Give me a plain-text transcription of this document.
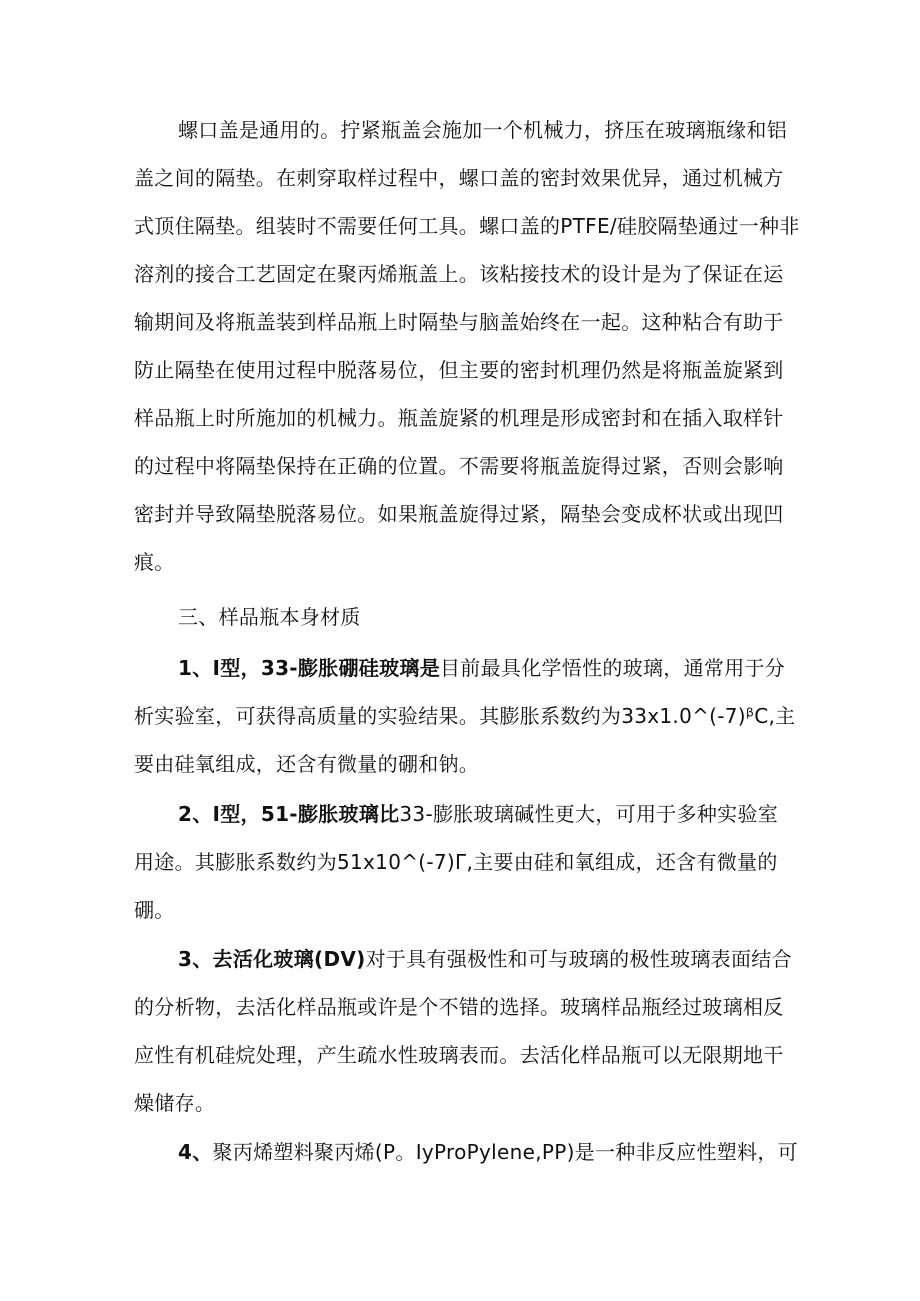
螺口盖是通用的。拧紧瓶盖会施加一个机械力，挤压在玻璃瓶缘和铝
盖之间的隔垫。在刺穿取样过程中，螺口盖的密封效果优异，通过机械方
式顶住隔垫。组装时不需要任何工具。螺口盖的PTFE/硅胶隔垫通过一种非
溶剂的接合工艺固定在聚丙烯瓶盖上。该粘接技术的设计是为了保证在运
输期间及将瓶盖装到样品瓶上时隔垫与脑盖始终在一起。这种粘合有助于
防止隔垫在使用过程中脱落易位，但主要的密封机理仍然是将瓶盖旋紧到
样品瓶上时所施加的机械力。瓶盖旋紧的机理是形成密封和在插入取样针
的过程中将隔垫保持在正确的位置。不需要将瓶盖旋得过紧，否则会影响
密封并导致隔垫脱落易位。如果瓶盖旋得过紧，隔垫会变成杯状或出现凹
痕。
三、样品瓶本身材质
1、I型，33-膨胀硼硅玻璃是目前最具化学悟性的玻璃，通常用于分
析实验室，可获得高质量的实验结果。其膨胀系数约为33x1.0^(-7)ᵝC,主
要由硅氧组成，还含有微量的硼和钠。
2、I型，51-膨胀玻璃比33-膨胀玻璃碱性更大，可用于多种实验室
用途。其膨胀系数约为51x10^(-7)Γ,主要由硅和氧组成，还含有微量的
硼。
3、去活化玻璃(DV)对于具有强极性和可与玻璃的极性玻璃表面结合
的分析物，去活化样品瓶或许是个不错的选择。玻璃样品瓶经过玻璃相反
应性有机硅烷处理，产生疏水性玻璃表而。去活化样品瓶可以无限期地干
燥储存。
4、聚丙烯塑料聚丙烯(P。IyProPylene,PP)是一种非反应性塑料，可
